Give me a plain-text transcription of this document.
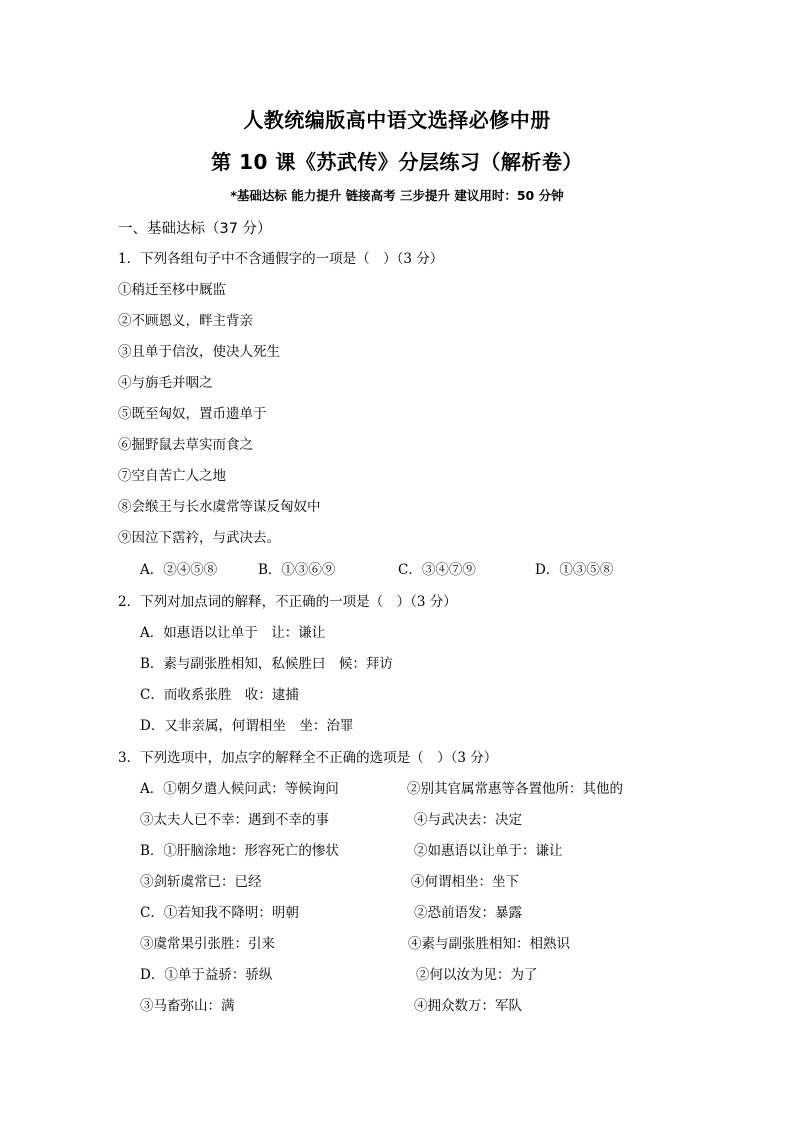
人教统编版高中语文选择必修中册
第 10 课《苏武传》分层练习（解析卷）
*基础达标 能力提升 链接高考 三步提升 建议用时：50 分钟
一、基础达标（37 分）
1．下列各组句子中不含通假字的一项是（　）（3 分）
①稍迁至栘中厩监
②不顾恩义，畔主背亲
③且单于信汝，使决人死生
④与旃毛并咽之
⑤既至匈奴，置币遗单于
⑥掘野鼠去草实而食之
⑦空自苦亡人之地
⑧会缑王与长水虞常等谋反匈奴中
⑨因泣下霑衿，与武决去。
A．②④⑤⑧	B．①③⑥⑨	C．③④⑦⑨	D．①③⑤⑧
2．下列对加点词的解释，不正确的一项是（　）（3 分）
A．如惠语以让单于　让：谦让
B．素与副张胜相知，私候胜曰　候：拜访
C．而收系张胜　收：逮捕
D．又非亲属，何谓相坐　坐：治罪
3．下列选项中，加点字的解释全不正确的选项是（　）（3 分）
A．①朝夕遣人候问武：等候询问	②别其官属常惠等各置他所：其他的
③太夫人已不幸：遇到不幸的事	④与武决去：决定
B．①肝脑涂地：形容死亡的惨状	②如惠语以让单于：谦让
③剑斩虞常已：已经	④何谓相坐：坐下
C．①若知我不降明：明朝	②恐前语发：暴露
③虞常果引张胜：引来	④素与副张胜相知：相熟识
D．①单于益骄：骄纵	②何以汝为见：为了
③马畜弥山：满	④拥众数万：军队
